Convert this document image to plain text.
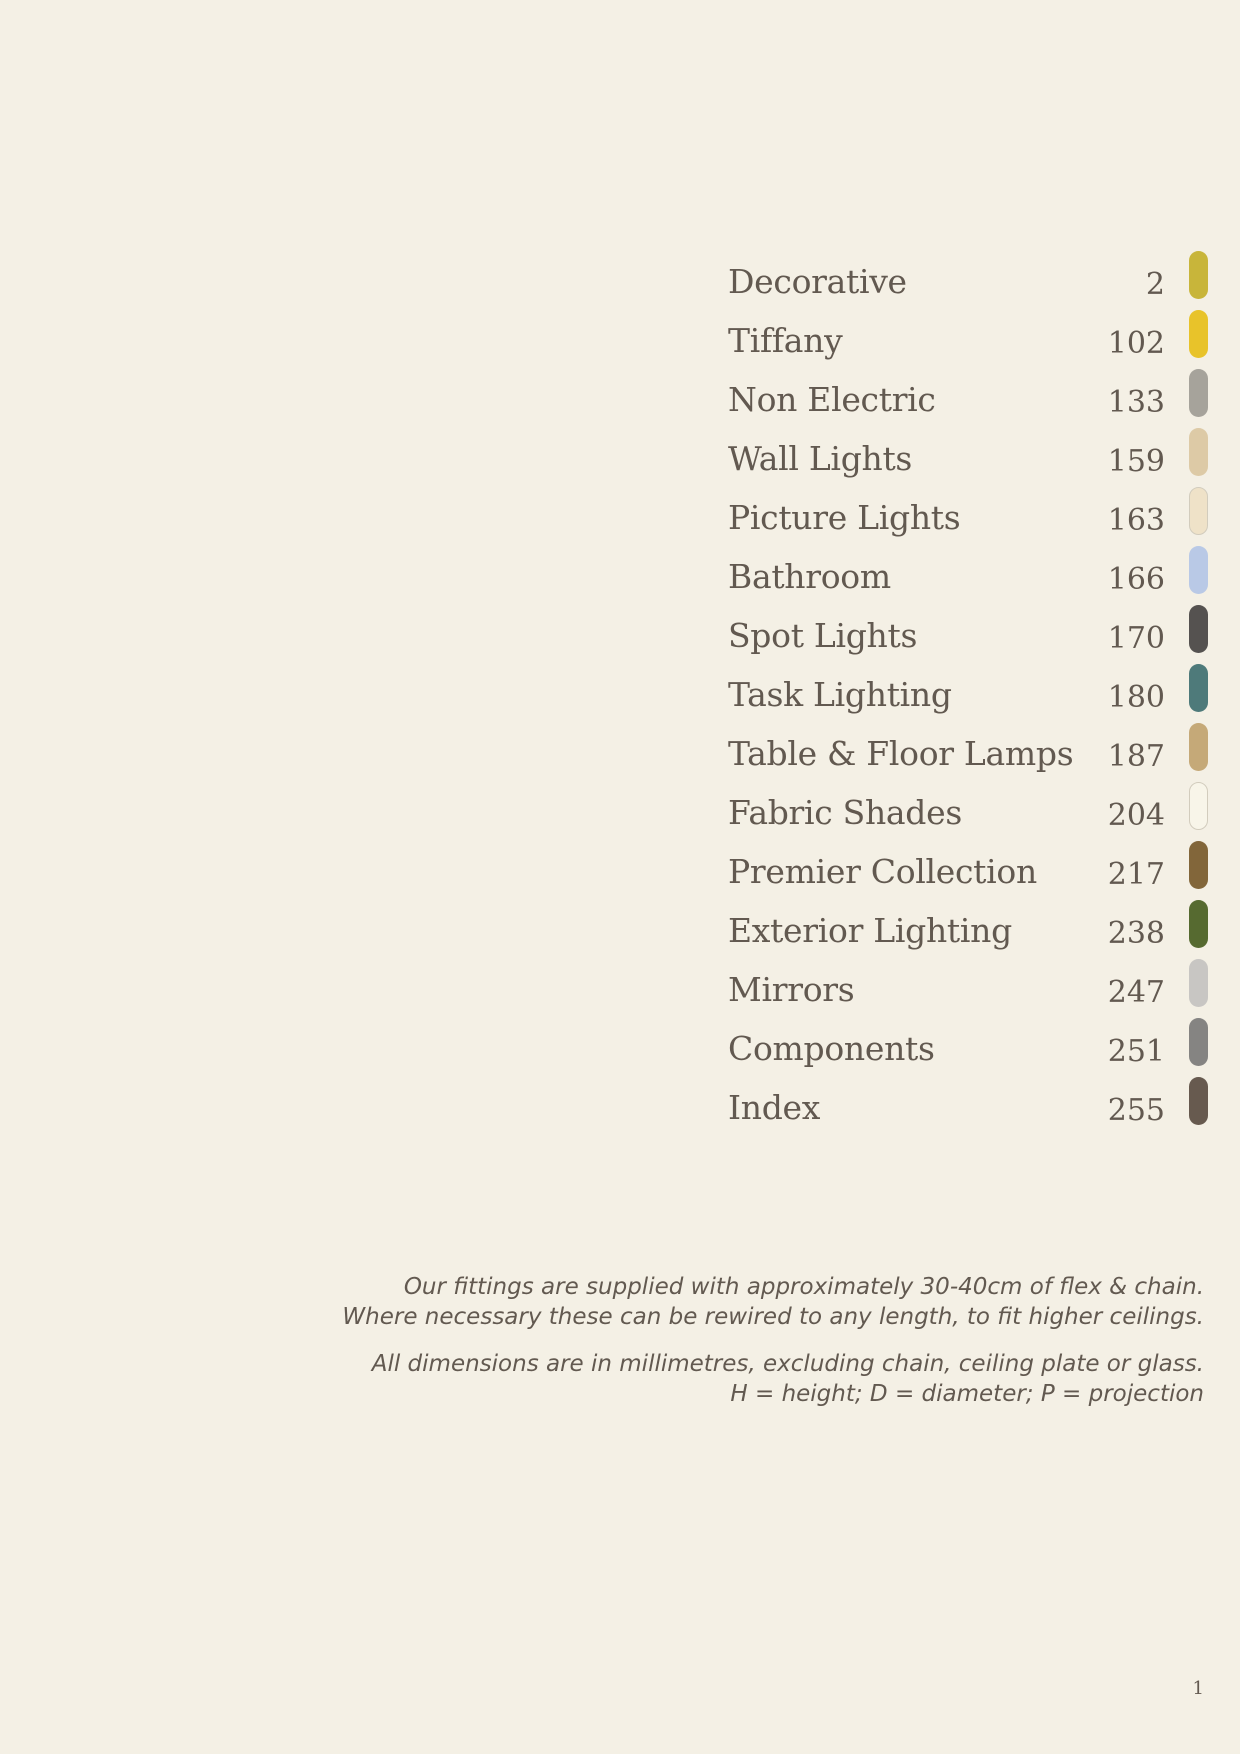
Decorative	2
Tiffany	102
Non Electric	133
Wall Lights	159
Picture Lights	163
Bathroom	166
Spot Lights	170
Task Lighting	180
Table & Floor Lamps 187
Fabric Shades	204
Premier Collection 217
Exterior Lighting	238
Mirrors	247
Components	251
Index	255

Our fittings are supplied with approximately 30-40cm of flex & chain.
Where necessary these can be rewired to any length, to fit higher ceilings.

All dimensions are in millimetres, excluding chain, ceiling plate or glass.
H = height; D = diameter; P = projection

1
